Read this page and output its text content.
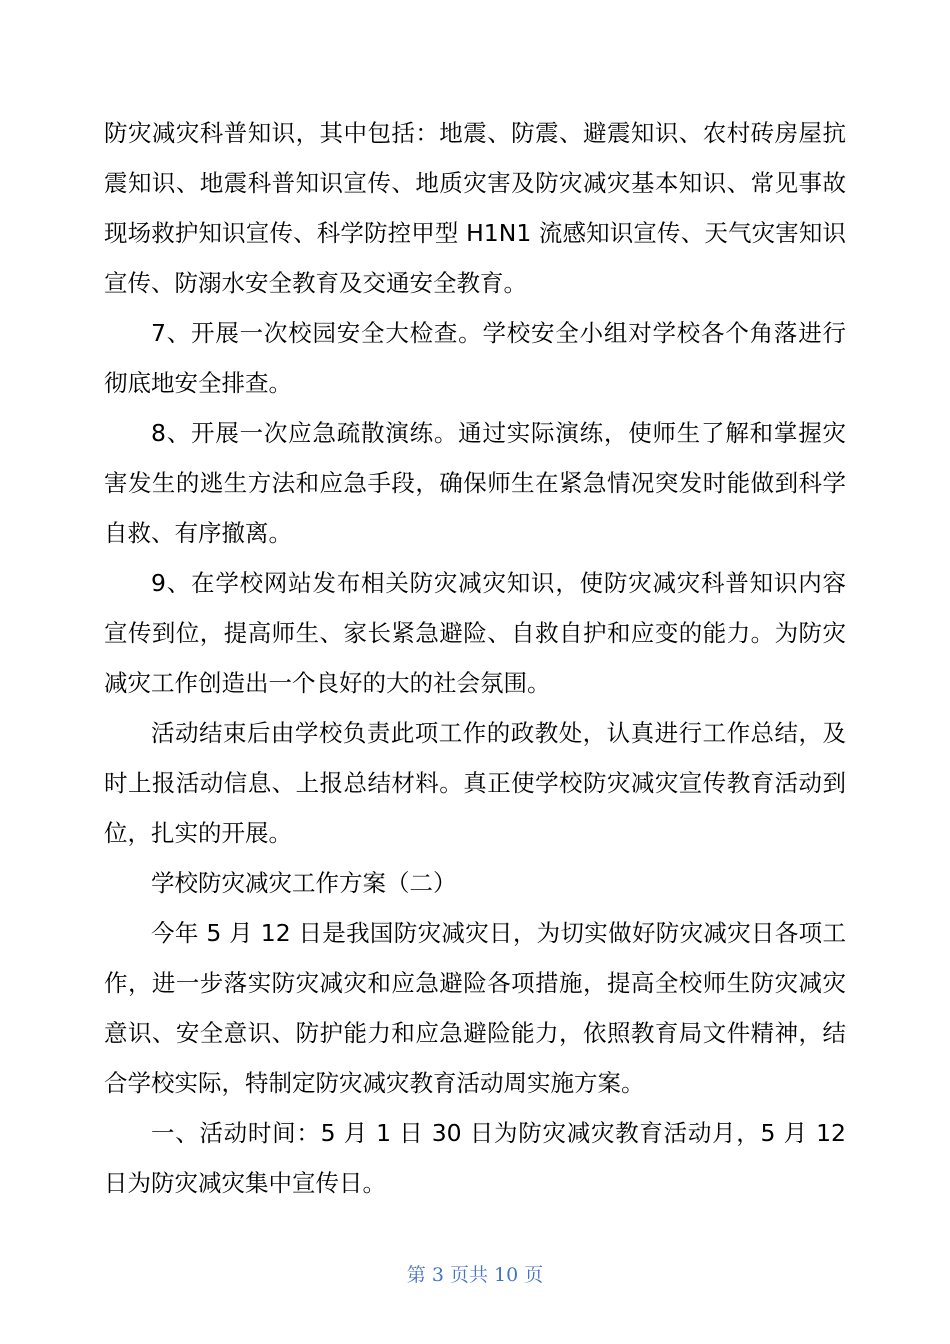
防灾减灾科普知识，其中包括：地震、防震、避震知识、农村砖房屋抗震知识、地震科普知识宣传、地质灾害及防灾减灾基本知识、常见事故现场救护知识宣传、科学防控甲型 H1N1 流感知识宣传、天气灾害知识宣传、防溺水安全教育及交通安全教育。

7、开展一次校园安全大检查。学校安全小组对学校各个角落进行彻底地安全排查。

8、开展一次应急疏散演练。通过实际演练，使师生了解和掌握灾害发生的逃生方法和应急手段，确保师生在紧急情况突发时能做到科学自救、有序撤离。

9、在学校网站发布相关防灾减灾知识，使防灾减灾科普知识内容宣传到位，提高师生、家长紧急避险、自救自护和应变的能力。为防灾减灾工作创造出一个良好的大的社会氛围。

活动结束后由学校负责此项工作的政教处，认真进行工作总结，及时上报活动信息、上报总结材料。真正使学校防灾减灾宣传教育活动到位，扎实的开展。

学校防灾减灾工作方案（二）

今年 5 月 12 日是我国防灾减灾日，为切实做好防灾减灾日各项工作，进一步落实防灾减灾和应急避险各项措施，提高全校师生防灾减灾意识、安全意识、防护能力和应急避险能力，依照教育局文件精神，结合学校实际，特制定防灾减灾教育活动周实施方案。

一、活动时间：5 月 1 日 30 日为防灾减灾教育活动月，5 月 12 日为防灾减灾集中宣传日。

第 3 页共 10 页
